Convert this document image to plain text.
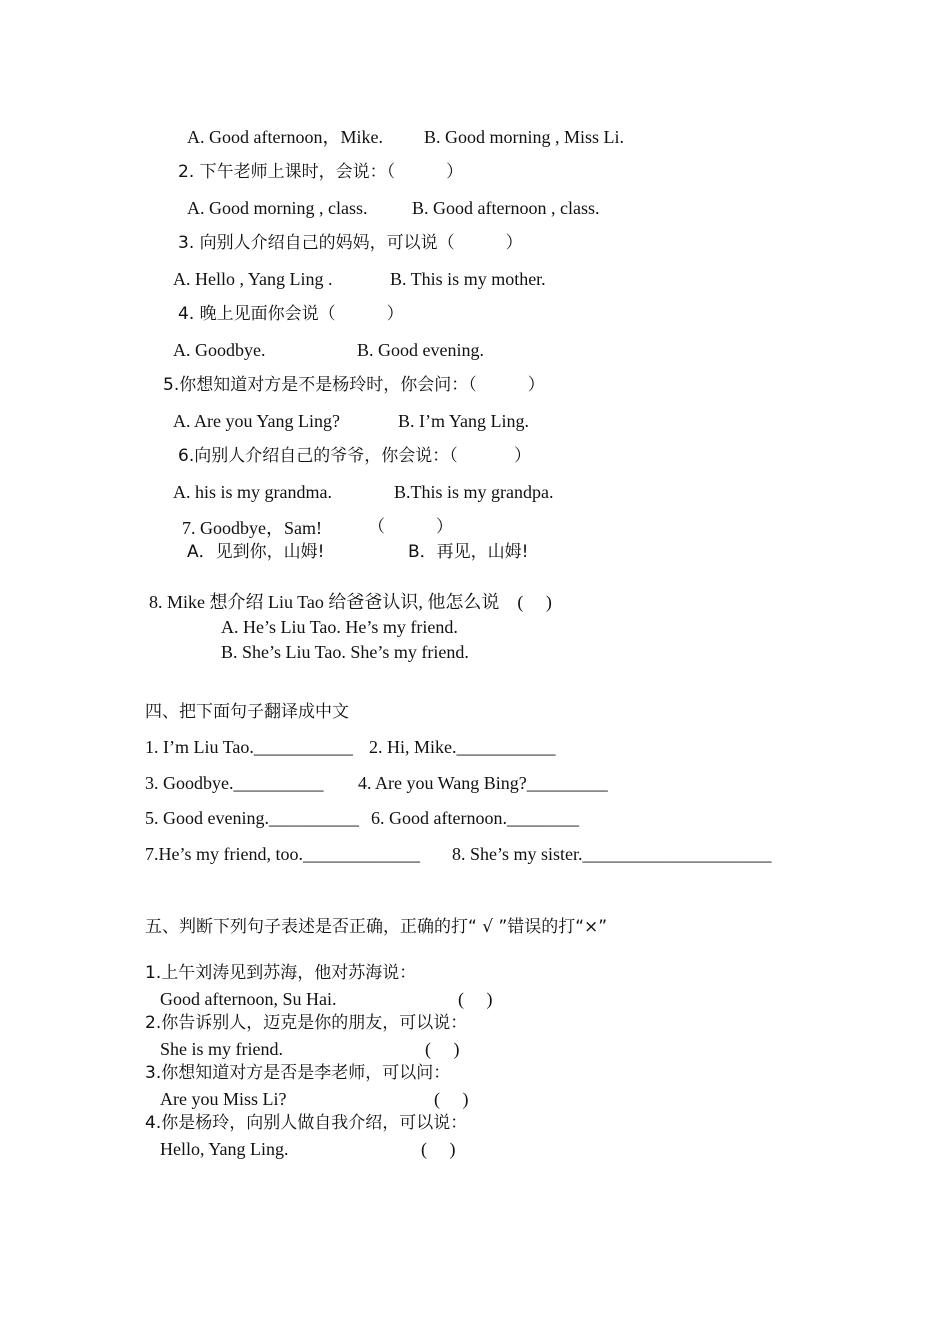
A. Good afternoon，Mike. B. Good morning , Miss Li.
2. 下午老师上课时，会说：（　　　）
A. Good morning , class. B. Good afternoon , class.
3. 向别人介绍自己的妈妈，可以说（　　　）
A. Hello , Yang Ling .	B. This is my mother.
4. 晚上见面你会说（　　　）
A. Goodbye.	B. Good evening.
5.你想知道对方是不是杨玲时，你会问：（　　　）
A. Are you Yang Ling?	B. I’m Yang Ling.
6.向别人介绍自己的爷爷，你会说：（　　　 ）
A. his is my grandma.	B.This is my grandpa.
7. Goodbye，Sam!	（　　　）
A．见到你，山姆!	B．再见，山姆!
8. Mike 想介绍 Liu Tao 给爸爸认识, 他怎么说　(　 )
A. He’s Liu Tao. He’s my friend.
B. She’s Liu Tao. She’s my friend.
四、把下面句子翻译成中文
1. I’m Liu Tao.___________ 2. Hi, Mike.___________
3. Goodbye.__________ 4. Are you Wang Bing?_________
5. Good evening.__________ 6. Good afternoon.________
7.He’s my friend, too._____________ 8. She’s my sister._____________________
五、判断下列句子表述是否正确，正确的打“ √ ”错误的打“×”
1.上午刘涛见到苏海，他对苏海说：
Good afternoon, Su Hai.	(　 )
2.你告诉别人，迈克是你的朋友，可以说：
She is my friend.	(　 )
3.你想知道对方是否是李老师，可以问：
Are you Miss Li?	(　 )
4.你是杨玲，向别人做自我介绍，可以说：
Hello, Yang Ling.	(　 )
